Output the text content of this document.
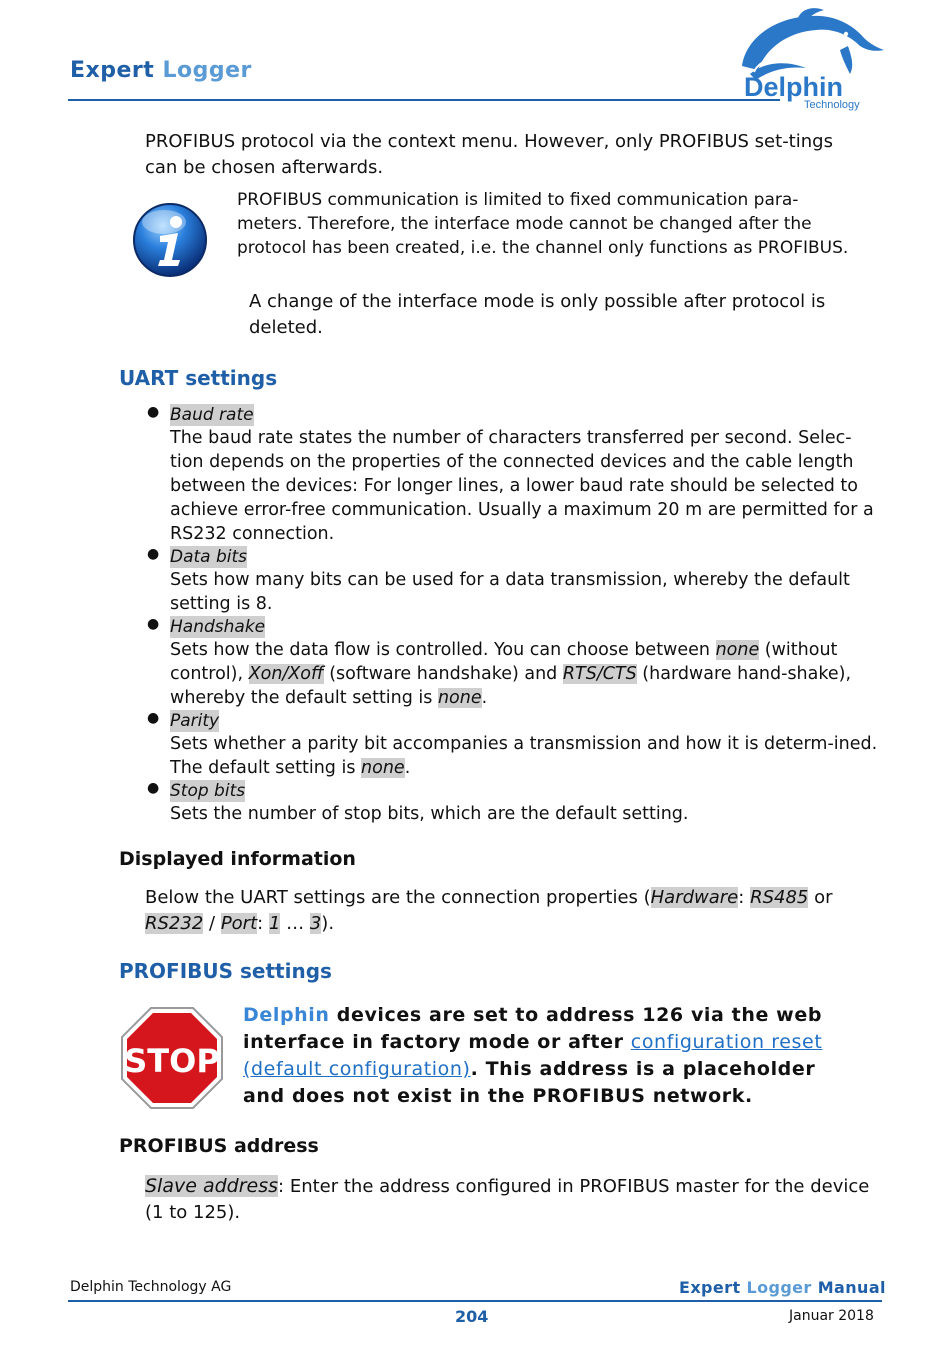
Expert Logger
Delphin
Technology
PROFIBUS protocol via the context menu. However, only PROFIBUS set-tings can be chosen afterwards.
PROFIBUS communication is limited to fixed communication para-meters. Therefore, the interface mode cannot be changed after the protocol has been created, i.e. the channel only functions as PROFIBUS.
A change of the interface mode is only possible after protocol is deleted.
UART settings
● Baud rate
The baud rate states the number of characters transferred per second. Selec-tion depends on the properties of the connected devices and the cable length between the devices: For longer lines, a lower baud rate should be selected to achieve error-free communication. Usually a maximum 20 m are permitted for a RS232 connection.
● Data bits
Sets how many bits can be used for a data transmission, whereby the default setting is 8.
● Handshake
Sets how the data flow is controlled. You can choose between none (without control), Xon/Xoff (software handshake) and RTS/CTS (hardware hand-shake), whereby the default setting is none.
● Parity
Sets whether a parity bit accompanies a transmission and how it is determ-ined. The default setting is none.
● Stop bits
Sets the number of stop bits, which are the default setting.
Displayed information
Below the UART settings are the connection properties (Hardware: RS485 or RS232 / Port: 1 … 3).
PROFIBUS settings
STOP
Delphin devices are set to address 126 via the web interface in factory mode or after configuration reset (default configuration). This address is a placeholder and does not exist in the PROFIBUS network.
PROFIBUS address
Slave address: Enter the address configured in PROFIBUS master for the device (1 to 125).
Delphin Technology AG	Expert Logger Manual
204	Januar 2018
